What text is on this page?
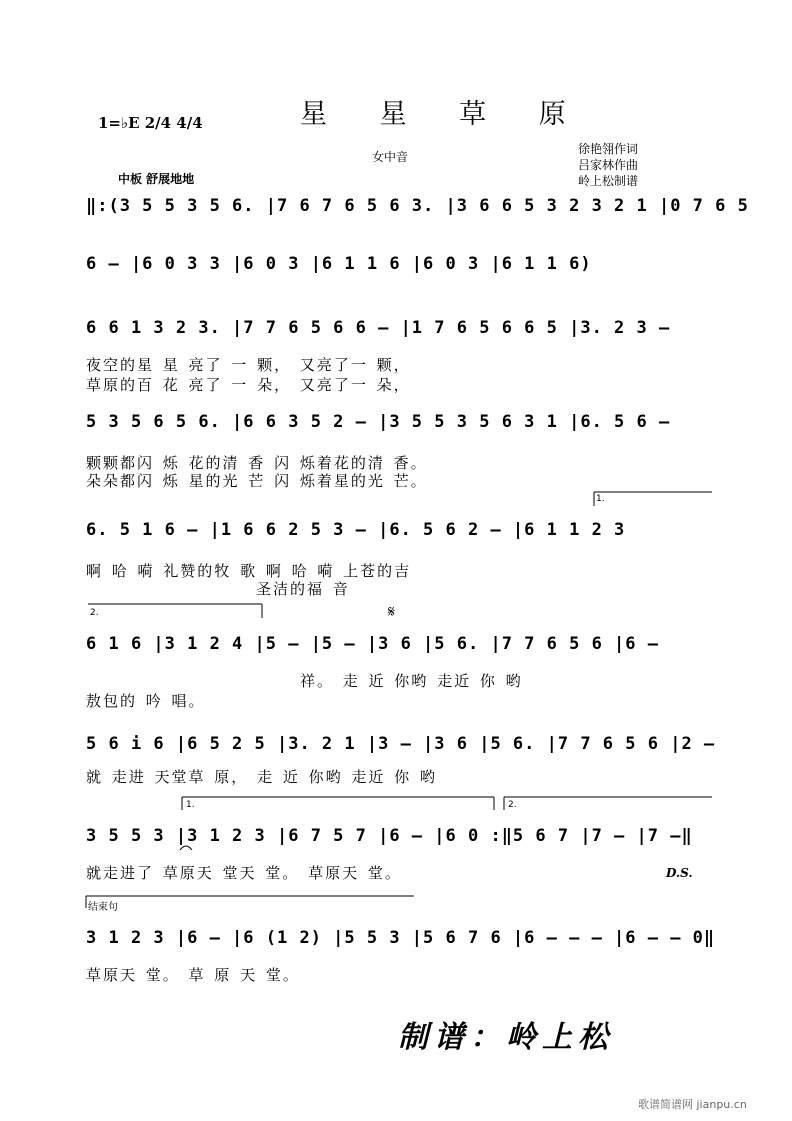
星 星 草 原
1=♭E 2/4 4/4
女中音
徐艳翎作词
吕家林作曲
岭上松制谱
中板 舒展地地
‖:(3 5 5 3 5 6. |7 6 7 6 5 6 3. |3 6 6 5 3 2 3 2 1 |0 7 6 5
6 – |6 0 3 3 |6 0 3 |6 1 1 6 |6 0 3 |6 1 1 6)
6 6 1 3 2 3. |7 7 6 5 6 6 – |1 7 6 5 6 6 5 |3. 2 3 –
夜空的星 星 亮了 一 颗， 又亮了一 颗，
草原的百 花 亮了 一 朵， 又亮了一 朵，
5 3 5 6 5 6. |6 6 3 5 2 – |3 5 5 3 5 6 3 1 |6. 5 6 –
颗颗都闪 烁 花的清 香 闪 烁着花的清 香。
朵朵都闪 烁 星的光 芒 闪 烁着星的光 芒。
6. 5 1 6 – |1 6 6 2 5 3 – |6. 5 6 2 – |6 1 1 2 3
啊 哈 嗬 礼赞的牧 歌 啊 哈 嗬 上苍的吉
圣洁的福 音
6 1 6 |3 1 2 4 |5 – |5 – |3 6 |5 6. |7 7 6 5 6 |6 –
祥。 走 近 你哟 走近 你 哟
敖包的 吟 唱。
5 6 i 6 |6 5 2 5 |3. 2 1 |3 – |3 6 |5 6. |7 7 6 5 6 |2 –
就 走进 天堂草 原， 走 近 你哟 走近 你 哟
3 5 5 3 |3 1 2 3 |6 7 5 7 |6 – |6 0 :‖5 6 7 |7 – |7 –‖
就走进了 草原天 堂天 堂。 草原天 堂。
3 1 2 3 |6 – |6 (1 2) |5 5 3 |5 6 7 6 |6 – – – |6 – – 0‖
草原天 堂。 草 原 天 堂。
1.
2.
1.	2.
𝄋
D.S.
结束句
制谱：岭上松
歌谱简谱网 jianpu.cn
